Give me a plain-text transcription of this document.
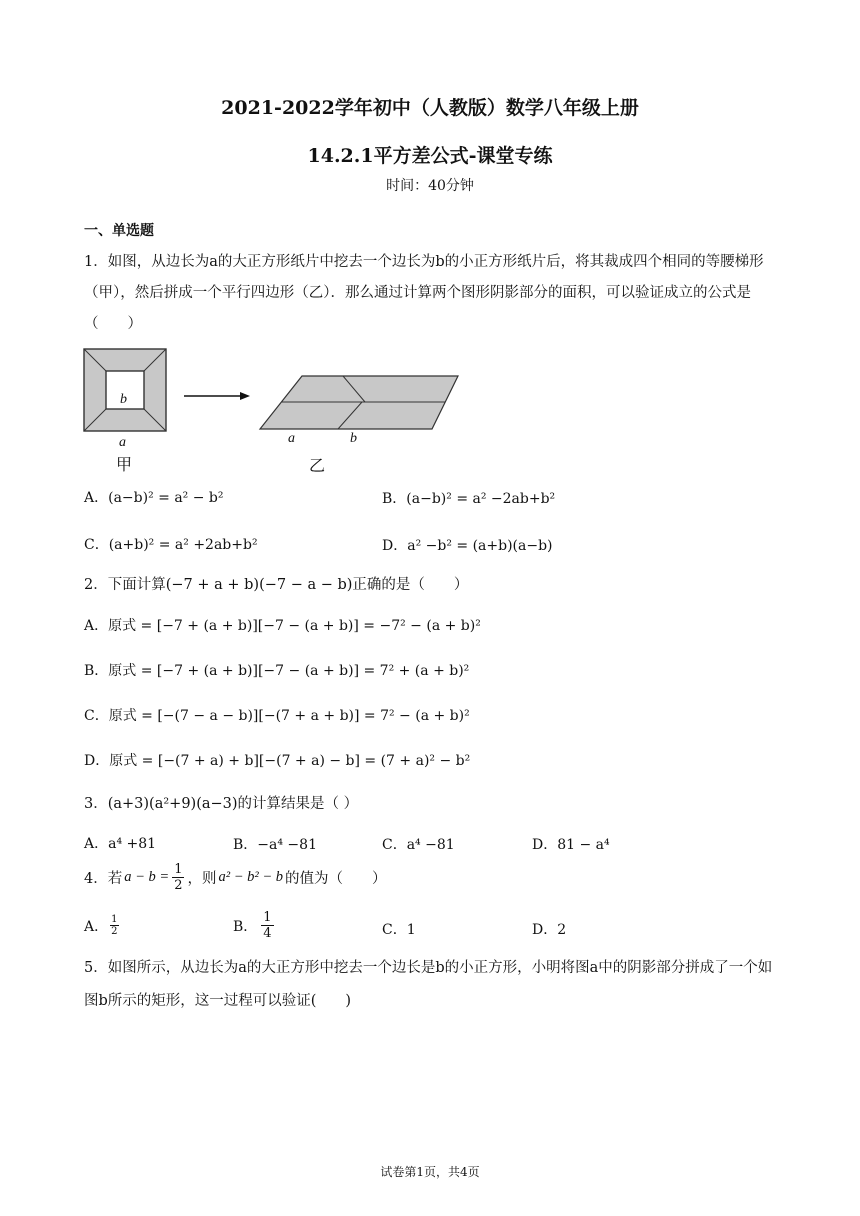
2021-2022学年初中（人教版）数学八年级上册
14.2.1平方差公式-课堂专练
时间：40分钟
一、单选题
1．如图，从边长为a的大正方形纸片中挖去一个边长为b的小正方形纸片后，将其裁成四个相同的等腰梯形（甲），然后拼成一个平行四边形（乙）．那么通过计算两个图形阴影部分的面积，可以验证成立的公式是（　　）
b
a
甲
a	b
乙
A．(a−b)² = a² − b²	B．(a−b)² = a² −2ab+b²
C．(a+b)² = a² +2ab+b²	D．a² −b² = (a+b)(a−b)
2．下面计算(−7 + a + b)(−7 − a − b)正确的是（　　）
A．原式 = [−7 + (a + b)][−7 − (a + b)] = −7² − (a + b)²
B．原式 = [−7 + (a + b)][−7 − (a + b)] = 7² + (a + b)²
C．原式 = [−(7 − a − b)][−(7 + a + b)] = 7² − (a + b)²
D．原式 = [−(7 + a) + b][−(7 + a) − b] = (7 + a)² − b²
3．(a+3)(a²+9)(a−3)的计算结果是（ ）
A．a⁴ +81	B．−a⁴ −81	C．a⁴ −81	D．81 − a⁴
4．若 $a - b = \frac{1}{2}$ ，则 a² − b² − b 的值为（　　）
A． $\frac{1}{2}$	B． $\frac{1}{4}$	C．1	D．2
5．如图所示，从边长为a的大正方形中挖去一个边长是b的小正方形，小明将图a中的阴影部分拼成了一个如图b所示的矩形，这一过程可以验证(　　)
试卷第1页，共4页
